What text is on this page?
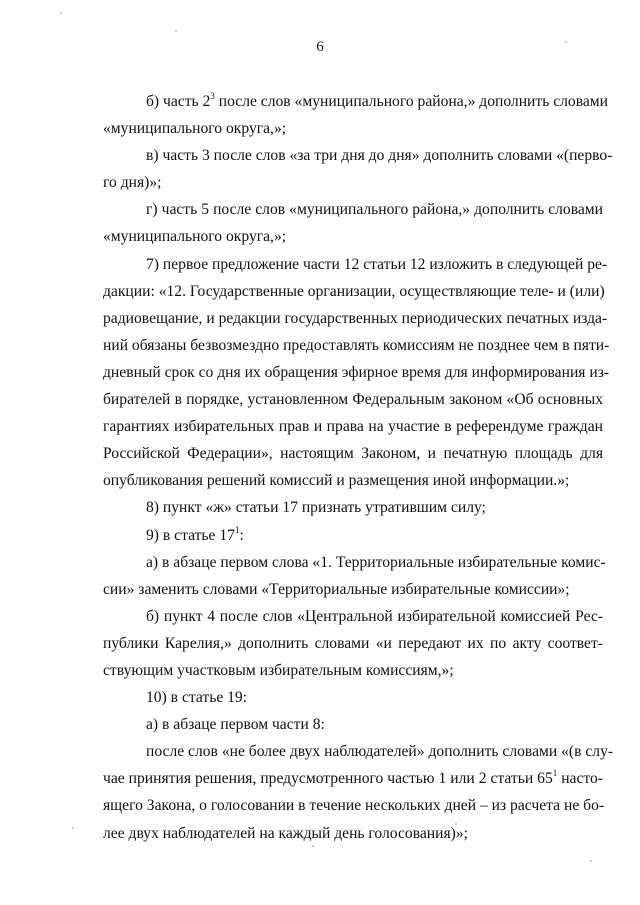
6
б) часть $2^3$ после слов «муниципального района,» дополнить словами
«муниципального округа,»;
в) часть 3 после слов «за три дня до дня» дополнить словами «(перво-
го дня)»;
г) часть 5 после слов «муниципального района,» дополнить словами
«муниципального округа,»;
7) первое предложение части 12 статьи 12 изложить в следующей ре-
дакции: «12. Государственные организации, осуществляющие теле- и (или)
радиовещание, и редакции государственных периодических печатных изда-
ний обязаны безвозмездно предоставлять комиссиям не позднее чем в пяти-
дневный срок со дня их обращения эфирное время для информирования из-
бирателей в порядке, установленном Федеральным законом «Об основных
гарантиях избирательных прав и права на участие в референдуме граждан
Российской Федерации», настоящим Законом, и печатную площадь для
опубликования решений комиссий и размещения иной информации.»;
8) пункт «ж» статьи 17 признать утратившим силу;
9) в статье $17^1$:
а) в абзаце первом слова «1. Территориальные избирательные комис-
сии» заменить словами «Территориальные избирательные комиссии»;
б) пункт 4 после слов «Центральной избирательной комиссией Рес-
публики Карелия,» дополнить словами «и передают их по акту соответ-
ствующим участковым избирательным комиссиям,»;
10) в статье 19:
а) в абзаце первом части 8:
после слов «не более двух наблюдателей» дополнить словами «(в слу-
чае принятия решения, предусмотренного частью 1 или 2 статьи $65^1$ насто-
ящего Закона, о голосовании в течение нескольких дней – из расчета не бо-
лее двух наблюдателей на каждый день голосования)»;
